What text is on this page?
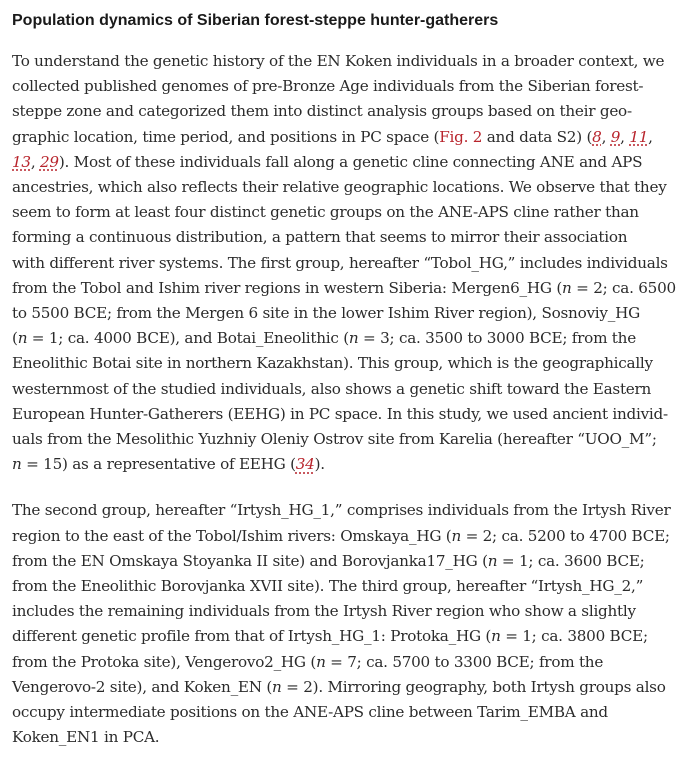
Population dynamics of Siberian forest-steppe hunter-gatherers

To understand the genetic history of the EN Koken individuals in a broader context, we
collected published genomes of pre-Bronze Age individuals from the Siberian forest-
steppe zone and categorized them into distinct analysis groups based on their geo-
graphic location, time period, and positions in PC space (Fig. 2 and data S2) (8, 9, 11,
13, 29). Most of these individuals fall along a genetic cline connecting ANE and APS
ancestries, which also reflects their relative geographic locations. We observe that they
seem to form at least four distinct genetic groups on the ANE-APS cline rather than
forming a continuous distribution, a pattern that seems to mirror their association
with different river systems. The first group, hereafter “Tobol_HG,” includes individuals
from the Tobol and Ishim river regions in western Siberia: Mergen6_HG (n = 2; ca. 6500
to 5500 BCE; from the Mergen 6 site in the lower Ishim River region), Sosnoviy_HG
(n = 1; ca. 4000 BCE), and Botai_Eneolithic (n = 3; ca. 3500 to 3000 BCE; from the
Eneolithic Botai site in northern Kazakhstan). This group, which is the geographically
westernmost of the studied individuals, also shows a genetic shift toward the Eastern
European Hunter-Gatherers (EEHG) in PC space. In this study, we used ancient individ-
uals from the Mesolithic Yuzhniy Oleniy Ostrov site from Karelia (hereafter “UOO_M”;
n = 15) as a representative of EEHG (34).

The second group, hereafter “Irtysh_HG_1,” comprises individuals from the Irtysh River
region to the east of the Tobol/Ishim rivers: Omskaya_HG (n = 2; ca. 5200 to 4700 BCE;
from the EN Omskaya Stoyanka II site) and Borovjanka17_HG (n = 1; ca. 3600 BCE;
from the Eneolithic Borovjanka XVII site). The third group, hereafter “Irtysh_HG_2,”
includes the remaining individuals from the Irtysh River region who show a slightly
different genetic profile from that of Irtysh_HG_1: Protoka_HG (n = 1; ca. 3800 BCE;
from the Protoka site), Vengerovo2_HG (n = 7; ca. 5700 to 3300 BCE; from the
Vengerovo-2 site), and Koken_EN (n = 2). Mirroring geography, both Irtysh groups also
occupy intermediate positions on the ANE-APS cline between Tarim_EMBA and
Koken_EN1 in PCA.
